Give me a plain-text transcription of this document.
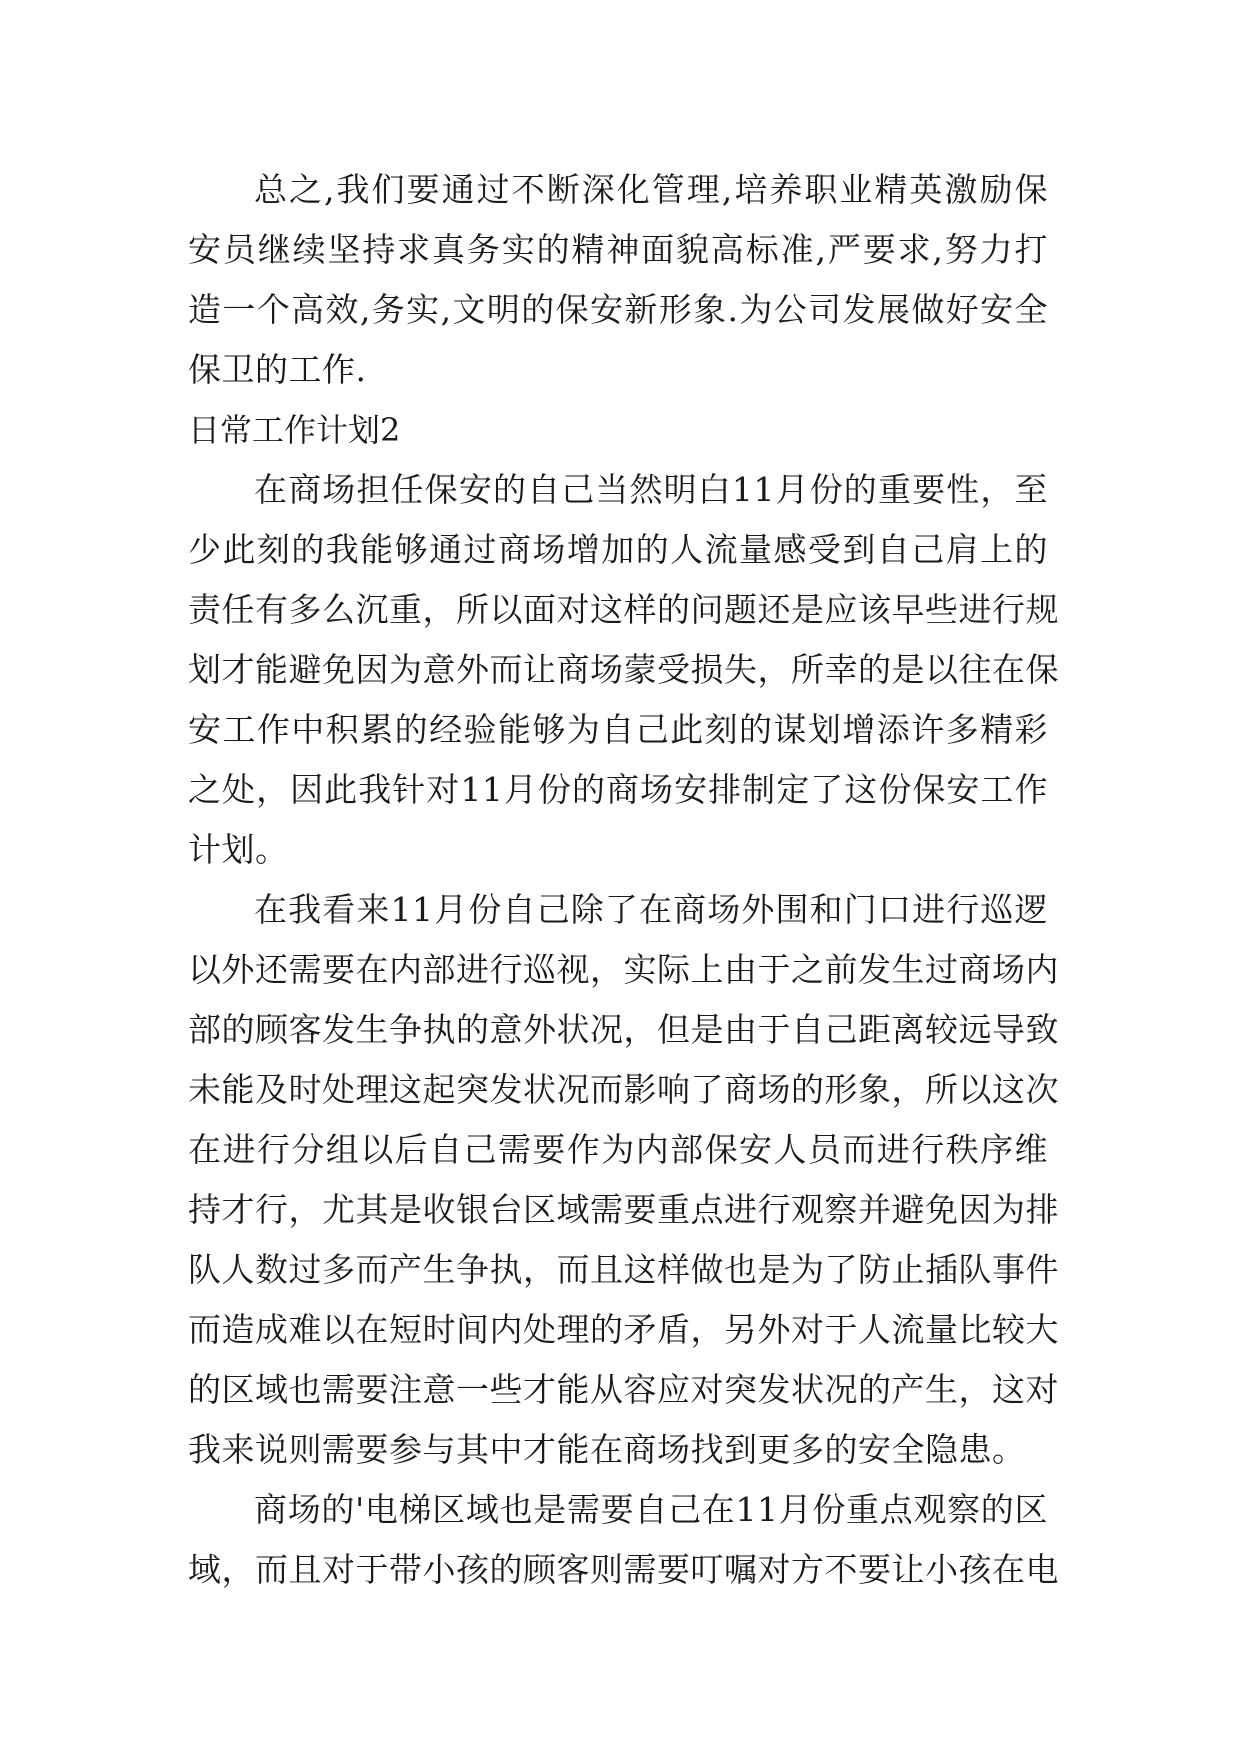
总之,我们要通过不断深化管理,培养职业精英激励保
安员继续坚持求真务实的精神面貌高标准,严要求,努力打
造一个高效,务实,文明的保安新形象.为公司发展做好安全
保卫的工作.
日常工作计划2
在商场担任保安的自己当然明白11月份的重要性，至
少此刻的我能够通过商场增加的人流量感受到自己肩上的
责任有多么沉重，所以面对这样的问题还是应该早些进行规
划才能避免因为意外而让商场蒙受损失，所幸的是以往在保
安工作中积累的经验能够为自己此刻的谋划增添许多精彩
之处，因此我针对11月份的商场安排制定了这份保安工作
计划。
在我看来11月份自己除了在商场外围和门口进行巡逻
以外还需要在内部进行巡视，实际上由于之前发生过商场内
部的顾客发生争执的意外状况，但是由于自己距离较远导致
未能及时处理这起突发状况而影响了商场的形象，所以这次
在进行分组以后自己需要作为内部保安人员而进行秩序维
持才行，尤其是收银台区域需要重点进行观察并避免因为排
队人数过多而产生争执，而且这样做也是为了防止插队事件
而造成难以在短时间内处理的矛盾，另外对于人流量比较大
的区域也需要注意一些才能从容应对突发状况的产生，这对
我来说则需要参与其中才能在商场找到更多的安全隐患。
商场的'电梯区域也是需要自己在11月份重点观察的区
域，而且对于带小孩的顾客则需要叮嘱对方不要让小孩在电
